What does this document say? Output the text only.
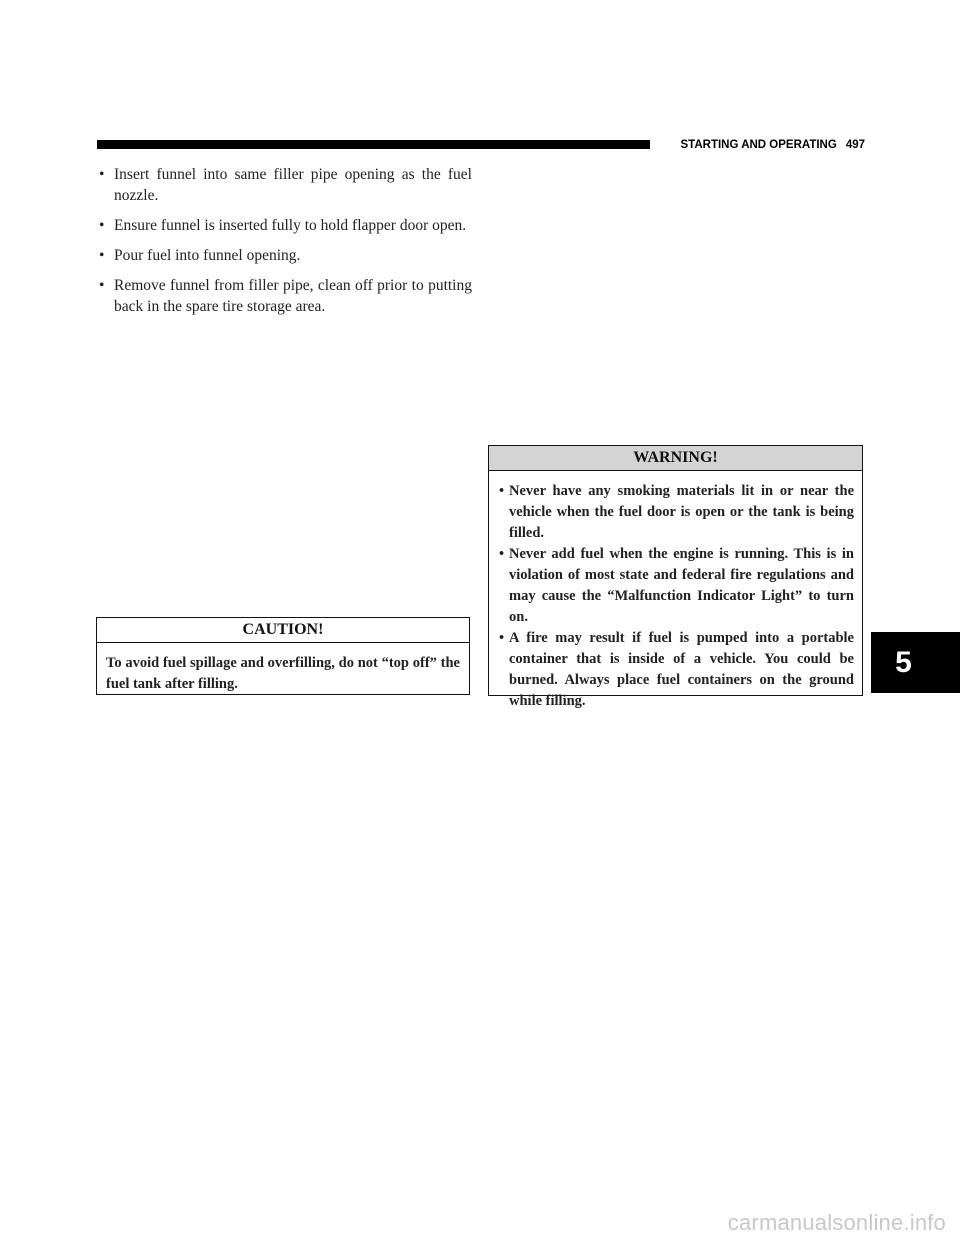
STARTING AND OPERATING 497
• Insert funnel into same filler pipe opening as the fuel nozzle.
• Ensure funnel is inserted fully to hold flapper door open.
• Pour fuel into funnel opening.
• Remove funnel from filler pipe, clean off prior to putting back in the spare tire storage area.
CAUTION!
To avoid fuel spillage and overfilling, do not “top off” the fuel tank after filling.
WARNING!
• Never have any smoking materials lit in or near the vehicle when the fuel door is open or the tank is being filled.
• Never add fuel when the engine is running. This is in violation of most state and federal fire regulations and may cause the “Malfunction Indicator Light” to turn on.
• A fire may result if fuel is pumped into a portable container that is inside of a vehicle. You could be burned. Always place fuel containers on the ground while filling.
5
carmanualsonline.info
